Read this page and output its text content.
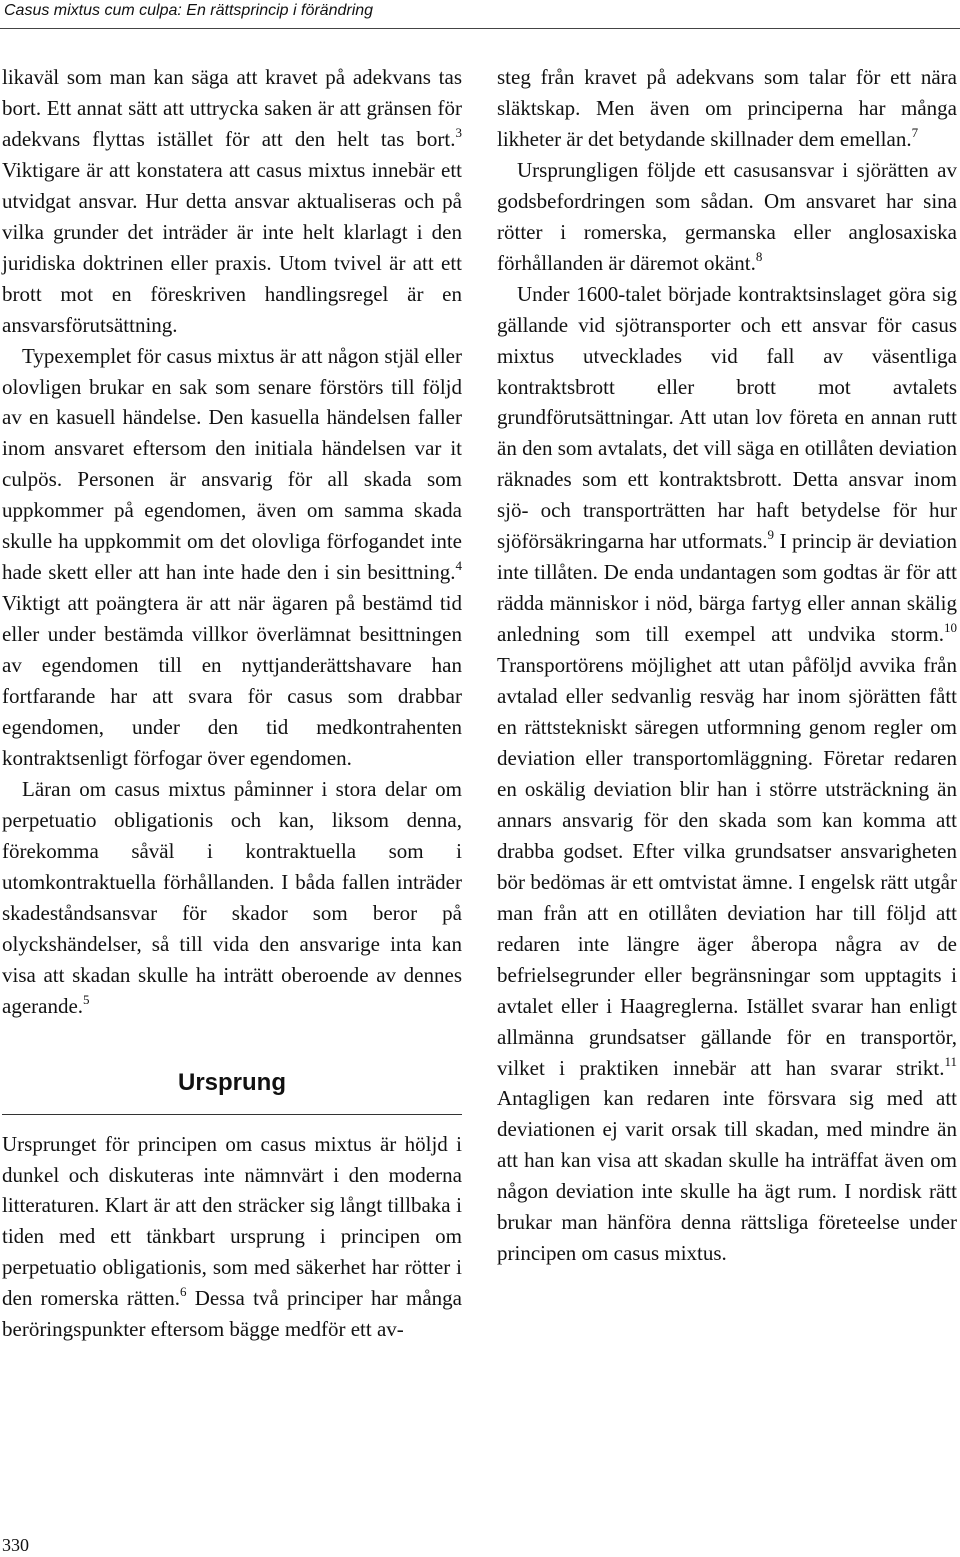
Casus mixtus cum culpa: En rättsprincip i förändring

likaväl som man kan säga att kravet på adekvans tas bort. Ett annat sätt att uttrycka saken är att gränsen för adekvans flyttas istället för att den helt tas bort.$^3$ Viktigare är att konstatera att casus mixtus innebär ett utvidgat ansvar. Hur detta ansvar aktualiseras och på vilka grunder det inträder är inte helt klarlagt i den juridiska doktrinen eller praxis. Utom tvivel är att ett brott mot en föreskriven handlingsregel är en ansvarsförutsättning.

Typexemplet för casus mixtus är att någon stjäl eller olovligen brukar en sak som senare förstörs till följd av en kasuell händelse. Den kasuella händelsen faller inom ansvaret eftersom den initiala händelsen var it culpös. Personen är ansvarig för all skada som uppkommer på egendomen, även om samma skada skulle ha uppkommit om det olovliga förfogandet inte hade skett eller att han inte hade den i sin besittning.$^4$ Viktigt att poängtera är att när ägaren på bestämd tid eller under bestämda villkor överlämnat besittningen av egendomen till en nyttjanderättshavare han fortfarande har att svara för casus som drabbar egendomen, under den tid medkontrahenten kontraktsenligt förfogar över egendomen.

Läran om casus mixtus påminner i stora delar om perpetuatio obligationis och kan, liksom denna, förekomma såväl i kontraktuella som i utomkontraktuella förhållanden. I båda fallen inträder skadeståndsansvar för skador som beror på olyckshändelser, så till vida den ansvarige inta kan visa att skadan skulle ha inträtt oberoende av dennes agerande.$^5$

Ursprung

Ursprunget för principen om casus mixtus är höljd i dunkel och diskuteras inte nämnvärt i den moderna litteraturen. Klart är att den sträcker sig långt tillbaka i tiden med ett tänkbart ursprung i principen om perpetuatio obligationis, som med säkerhet har rötter i den romerska rätten.$^6$ Dessa två principer har många beröringspunkter eftersom bägge medför ett av-

steg från kravet på adekvans som talar för ett nära släktskap. Men även om principerna har många likheter är det betydande skillnader dem emellan.$^7$

Ursprungligen följde ett casusansvar i sjörätten av godsbefordringen som sådan. Om ansvaret har sina rötter i romerska, germanska eller anglosaxiska förhållanden är däremot okänt.$^8$

Under 1600-talet började kontraktsinslaget göra sig gällande vid sjötransporter och ett ansvar för casus mixtus utvecklades vid fall av väsentliga kontraktsbrott eller brott mot avtalets grundförutsättningar. Att utan lov företa en annan rutt än den som avtalats, det vill säga en otillåten deviation räknades som ett kontraktsbrott. Detta ansvar inom sjö- och transporträtten har haft betydelse för hur sjöförsäkringarna har utformats.$^9$ I princip är deviation inte tillåten. De enda undantagen som godtas är för att rädda människor i nöd, bärga fartyg eller annan skälig anledning som till exempel att undvika storm.$^{10}$ Transportörens möjlighet att utan påföljd avvika från avtalad eller sedvanlig resväg har inom sjörätten fått en rättstekniskt säregen utformning genom regler om deviation eller transportomläggning. Företar redaren en oskälig deviation blir han i större utsträckning än annars ansvarig för den skada som kan komma att drabba godset. Efter vilka grundsatser ansvarigheten bör bedömas är ett omtvistat ämne. I engelsk rätt utgår man från att en otillåten deviation har till följd att redaren inte längre äger åberopa några av de befrielsegrunder eller begränsningar som upptagits i avtalet eller i Haagreglerna. Istället svarar han enligt allmänna grundsatser gällande för en transportör, vilket i praktiken innebär att han svarar strikt.$^{11}$ Antagligen kan redaren inte försvara sig med att deviationen ej varit orsak till skadan, med mindre än att han kan visa att skadan skulle ha inträffat även om någon deviation inte skulle ha ägt rum. I nordisk rätt brukar man hänföra denna rättsliga företeelse under principen om casus mixtus.

330
